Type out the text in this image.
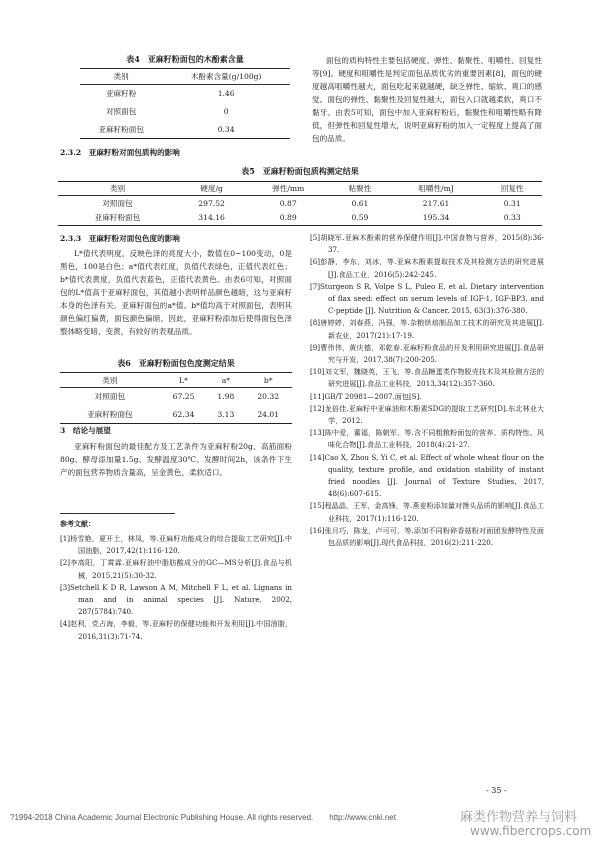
表4　亚麻籽粉面包的木酚素含量
类别	木酚素含量(g/100g)
亚麻籽粉	1.46
对照面包	0
亚麻籽粉面包	0.34
2.3.2　亚麻籽粉对面包质构的影响

面包的质构特性主要包括硬度、弹性、黏聚性、咀嚼性、回复性等[9]。硬度和咀嚼性是判定面包品质优劣的重要因素[8]，面包的硬度越高咀嚼性越大，面包吃起来就越硬，缺乏弹性、缩软、爽口的感觉。面包的弹性、黏聚性及回复性越大，面包入口就越柔软，爽口不黏牙。由表5可知，面包中加入亚麻籽粉后，黏聚性和咀嚼性略有降低，但弹性和回复性增大，说明亚麻籽粉的加入一定程度上提高了面包的品质。

表5　亚麻籽粉面包质构测定结果
类别	硬度/g	弹性/mm	粘聚性	咀嚼性/mJ	回复性
对照面包	297.52	0.87	0.61	217.61	0.31
亚麻籽粉面包	314.16	0.89	0.59	195.34	0.33
2.3.3　亚麻籽粉对面包色度的影响

L*值代表明度，反映色泽的亮度大小，数值在0~100变动，0是黑色，100是白色；a*值代表红度，负值代表绿色，正值代表红色；b*值代表黄度，负值代表蓝色，正值代表黄色。由表6可知，对照面包的L*值高于亚麻籽面包，其值越小表明样品颜色越暗，这与亚麻籽本身的色泽有关。亚麻籽面包的a*值、b*值均高于对照面包，表明其颜色偏红偏黄，面包颜色偏暗。因此，亚麻籽粉添加后使得面包色泽整体略变暗、变黄，有较好的表观品质。

表6　亚麻籽粉面包色度测定结果
类别	L*	a*	b*
对照面包	67.25	1.98	20.32
亚麻籽粉面包	62.34	3.13	24.01
3　结论与展望

亚麻籽粉面包的最佳配方及工艺条件为亚麻籽粉20g、高筋面粉80g、酵母添加量1.5g、发酵温度30℃、发酵时间2h，该条件下生产的面包营养物质含量高，呈金黄色，柔软适口。

参考文献：

[1]杨雪艳，夏开土，林凤，等.亚麻籽功能成分的综合提取工艺研究[J].中国油脂，2017,42(1):116-120.

[2]李高阳，丁霄霖.亚麻籽油中脂肪酸成分的GC—MS分析[J].食品与机械，2015,21(5):30-32.

[3]Setchell K D R, Lawson A M, Mitchell F L, et al. Lignans in man and in animal species [J]. Nature, 2002, 287(5784):740.

[4]赵利，党占海，李毅，等.亚麻籽的保健功能和开发利用[J].中国油脂，2016,31(3):71-74.

[5]胡晓军.亚麻木酚素的营养保健作用[J].中国食物与营养，2015(8):36-37.

[6]彭静，李东，刘冰，等.亚麻木酚素提取技术及其检测方法的研究进展[J].食品工业，2016(5):242-245.

[7]Sturgeon S R, Volpe S L, Puleo E, et al. Dietary intervention of flax seed: effect on serum levels of IGF-1, IGF-BP3, and C-peptide [J]. Nutrition & Cancer, 2015, 63(3):376-380.

[8]唐婷婷，刘春燕，冯强，等.杂粮烘焙制品加工技术的研究及其进展[J].新农业，2017(21):17-19.

[9]曹伟伟，黄庆德，邓乾春.亚麻籽粉食品的开发利用研究进展[J].食品研究与开发，2017,38(7):200-205.

[10]刘文军，魏晓英，王飞，等.食品糖蛋类作物脱壳技术及其检测方法的研究进展[J].食品工业科技，2013,34(12):357-360.

[11]GB/T 20981—2007.面包[S].

[12]龙倍佳.亚麻籽中亚麻油和木酚素SDG的提取工艺研究[D].东北林业大学，2012.

[13]陈中爱，董福，陈朝军，等.含不同粗粮粉面包的营养、质构特性、风味化合物[J].食品工业科技，2018(4):21-27.

[14]Cao X, Zhou S, Yi C, et al. Effect of whole wheat flour on the quality, texture profile, and oxidation stability of instant fried noodles [J]. Journal of Texture Studies, 2017, 48(6):607-615.

[15]程晶晶，王军，金高锋，等.燕麦粉添加量对馒头品质的影响[J].食品工业科技，2017(1):116-120.

[16]张月巧，陈龙，卢可可，等.添加不同粉碎香菇粉对面团发酵特性及面包品质的影响[J].现代食品科技，2016(2):211-220.

- 35 -
?1994-2018 China Academic Journal Electronic Publishing House. All rights reserved.　　http://www.cnki.net	麻类作物营养与饲料
www.fibercrops.com
